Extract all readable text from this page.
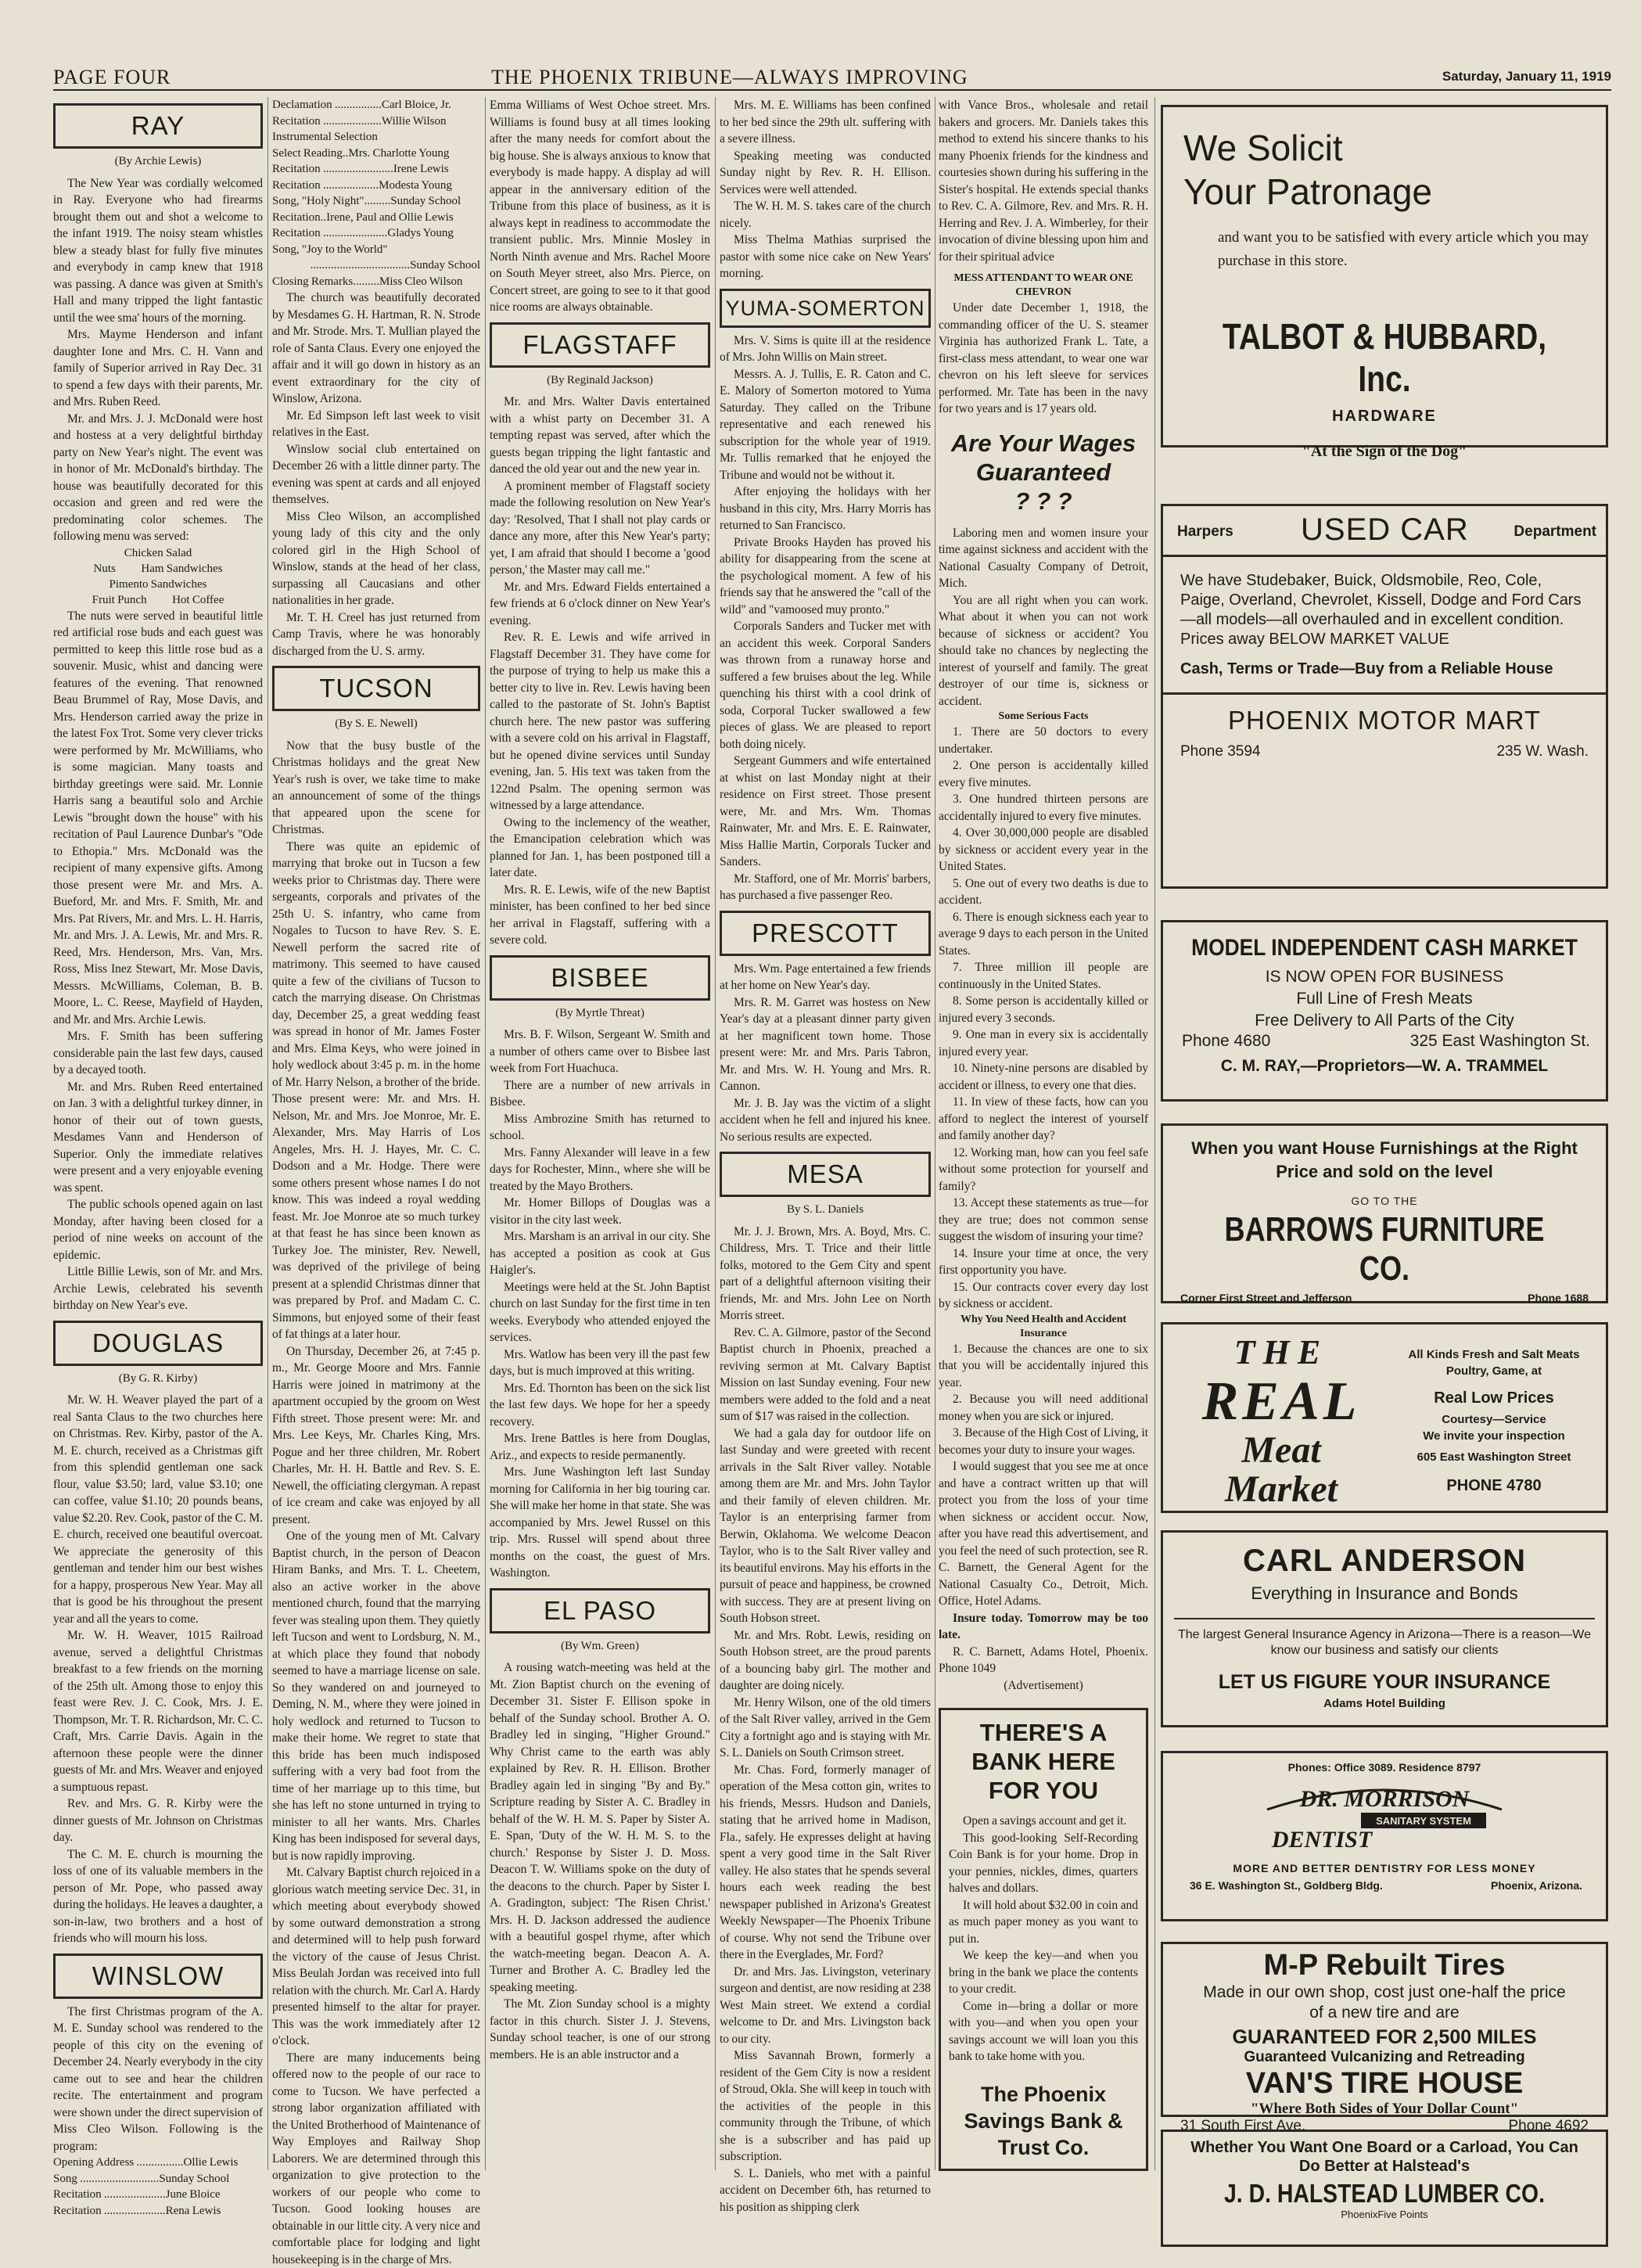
PAGE FOUR	THE PHOENIX TRIBUNE—ALWAYS IMPROVING	Saturday, January 11, 1919
RAY
(By Archie Lewis)

The New Year was cordially welcomed in Ray. Everyone who had firearms brought them out and shot a welcome to the infant 1919. The noisy steam whistles blew a steady blast for fully five minutes and everybody in camp knew that 1918 was passing. A dance was given at Smith's Hall and many tripped the light fantastic until the wee sma' hours of the morning.

Mrs. Mayme Henderson and infant daughter Ione and Mrs. C. H. Vann and family of Superior arrived in Ray Dec. 31 to spend a few days with their parents, Mr. and Mrs. Ruben Reed.

Mr. and Mrs. J. J. McDonald were host and hostess at a very delightful birthday party on New Year's night. The event was in honor of Mr. McDonald's birthday. The house was beautifully decorated for this occasion and green and red were the predominating color schemes. The following menu was served:

Chicken Salad
Nuts          Ham Sandwiches
Pimento Sandwiches
Fruit Punch          Hot Coffee

The nuts were served in beautiful little red artificial rose buds and each guest was permitted to keep this little rose bud as a souvenir. Music, whist and dancing were features of the evening. That renowned Beau Brummel of Ray, Mose Davis, and Mrs. Henderson carried away the prize in the latest Fox Trot. Some very clever tricks were performed by Mr. McWilliams, who is some magician. Many toasts and birthday greetings were said. Mr. Lonnie Harris sang a beautiful solo and Archie Lewis "brought down the house" with his recitation of Paul Laurence Dunbar's "Ode to Ethopia." Mrs. McDonald was the recipient of many expensive gifts. Among those present were Mr. and Mrs. A. Bueford, Mr. and Mrs. F. Smith, Mr. and Mrs. Pat Rivers, Mr. and Mrs. L. H. Harris, Mr. and Mrs. J. A. Lewis, Mr. and Mrs. R. Reed, Mrs. Henderson, Mrs. Van, Mrs. Ross, Miss Inez Stewart, Mr. Mose Davis, Messrs. McWilliams, Coleman, B. B. Moore, L. C. Reese, Mayfield of Hayden, and Mr. and Mrs. Archie Lewis.

Mrs. F. Smith has been suffering considerable pain the last few days, caused by a decayed tooth.

Mr. and Mrs. Ruben Reed entertained on Jan. 3 with a delightful turkey dinner, in honor of their out of town guests, Mesdames Vann and Henderson of Superior. Only the immediate relatives were present and a very enjoyable evening was spent.

The public schools opened again on last Monday, after having been closed for a period of nine weeks on account of the epidemic.

Little Billie Lewis, son of Mr. and Mrs. Archie Lewis, celebrated his seventh birthday on New Year's eve.

DOUGLAS
(By G. R. Kirby)

Mr. W. H. Weaver played the part of a real Santa Claus to the two churches here on Christmas. Rev. Kirby, pastor of the A. M. E. church, received as a Christmas gift from this splendid gentleman one sack flour, value $3.50; lard, value $3.10; one can coffee, value $1.10; 20 pounds beans, value $2.20. Rev. Cook, pastor of the C. M. E. church, received one beautiful overcoat. We appreciate the generosity of this gentleman and tender him our best wishes for a happy, prosperous New Year. May all that is good be his throughout the present year and all the years to come.

Mr. W. H. Weaver, 1015 Railroad avenue, served a delightful Christmas breakfast to a few friends on the morning of the 25th ult. Among those to enjoy this feast were Rev. J. C. Cook, Mrs. J. E. Thompson, Mr. T. R. Richardson, Mr. C. C. Craft, Mrs. Carrie Davis. Again in the afternoon these people were the dinner guests of Mr. and Mrs. Weaver and enjoyed a sumptuous repast.

Rev. and Mrs. G. R. Kirby were the dinner guests of Mr. Johnson on Christmas day.

The C. M. E. church is mourning the loss of one of its valuable members in the person of Mr. Pope, who passed away during the holidays. He leaves a daughter, a son-in-law, two brothers and a host of friends who will mourn his loss.

WINSLOW

The first Christmas program of the A. M. E. Sunday school was rendered to the people of this city on the evening of December 24. Nearly everybody in the city came out to see and hear the children recite. The entertainment and program were shown under the direct supervision of Miss Cleo Wilson. Following is the program:

Opening Address ................Ollie Lewis
Song ...........................Sunday School
Recitation .....................June Bloice
Recitation .....................Rena Lewis
Declamation ................Carl Bloice, Jr.
Recitation ....................Willie Wilson
Instrumental Selection
Select Reading..Mrs. Charlotte Young
Recitation ........................Irene Lewis
Recitation ...................Modesta Young
Song, "Holy Night".........Sunday School
Recitation..Irene, Paul and Ollie Lewis
Recitation ......................Gladys Young
Song, "Joy to the World"
..................................Sunday School
Closing Remarks.........Miss Cleo Wilson

The church was beautifully decorated by Mesdames G. H. Hartman, R. N. Strode and Mr. Strode. Mrs. T. Mullian played the role of Santa Claus. Every one enjoyed the affair and it will go down in history as an event extraordinary for the city of Winslow, Arizona.

Mr. Ed Simpson left last week to visit relatives in the East.

Winslow social club entertained on December 26 with a little dinner party. The evening was spent at cards and all enjoyed themselves.

Miss Cleo Wilson, an accomplished young lady of this city and the only colored girl in the High School of Winslow, stands at the head of her class, surpassing all Caucasians and other nationalities in her grade.

Mr. T. H. Creel has just returned from Camp Travis, where he was honorably discharged from the U. S. army.

TUCSON
(By S. E. Newell)

Now that the busy bustle of the Christmas holidays and the great New Year's rush is over, we take time to make an announcement of some of the things that appeared upon the scene for Christmas.

There was quite an epidemic of marrying that broke out in Tucson a few weeks prior to Christmas day. There were sergeants, corporals and privates of the 25th U. S. infantry, who came from Nogales to Tucson to have Rev. S. E. Newell perform the sacred rite of matrimony. This seemed to have caused quite a few of the civilians of Tucson to catch the marrying disease. On Christmas day, December 25, a great wedding feast was spread in honor of Mr. James Foster and Mrs. Elma Keys, who were joined in holy wedlock about 3:45 p. m. in the home of Mr. Harry Nelson, a brother of the bride. Those present were: Mr. and Mrs. H. Nelson, Mr. and Mrs. Joe Monroe, Mr. E. Alexander, Mrs. May Harris of Los Angeles, Mrs. H. J. Hayes, Mr. C. C. Dodson and a Mr. Hodge. There were some others present whose names I do not know. This was indeed a royal wedding feast. Mr. Joe Monroe ate so much turkey at that feast he has since been known as Turkey Joe. The minister, Rev. Newell, was deprived of the privilege of being present at a splendid Christmas dinner that was prepared by Prof. and Madam C. C. Simmons, but enjoyed some of their feast of fat things at a later hour.

On Thursday, December 26, at 7:45 p. m., Mr. George Moore and Mrs. Fannie Harris were joined in matrimony at the apartment occupied by the groom on West Fifth street. Those present were: Mr. and Mrs. Lee Keys, Mr. Charles King, Mrs. Pogue and her three children, Mr. Robert Charles, Mr. H. H. Battle and Rev. S. E. Newell, the officiating clergyman. A repast of ice cream and cake was enjoyed by all present.

One of the young men of Mt. Calvary Baptist church, in the person of Deacon Hiram Banks, and Mrs. T. L. Cheetem, also an active worker in the above mentioned church, found that the marrying fever was stealing upon them. They quietly left Tucson and went to Lordsburg, N. M., at which place they found that nobody seemed to have a marriage license on sale. So they wandered on and journeyed to Deming, N. M., where they were joined in holy wedlock and returned to Tucson to make their home. We regret to state that this bride has been much indisposed suffering with a very bad foot from the time of her marriage up to this time, but she has left no stone unturned in trying to minister to all her wants. Mrs. Charles King has been indisposed for several days, but is now rapidly improving.

Mt. Calvary Baptist church rejoiced in a glorious watch meeting service Dec. 31, in which meeting about everybody showed by some outward demonstration a strong and determined will to help push forward the victory of the cause of Jesus Christ. Miss Beulah Jordan was received into full relation with the church. Mr. Carl A. Hardy presented himself to the altar for prayer. This was the work immediately after 12 o'clock.

There are many inducements being offered now to the people of our race to come to Tucson. We have perfected a strong labor organization affiliated with the United Brotherhood of Maintenance of Way Employes and Railway Shop Laborers. We are determined through this organization to give protection to the workers of our people who come to Tucson. Good looking houses are obtainable in our little city. A very nice and comfortable place for lodging and light housekeeping is in the charge of Mrs.

Emma Williams of West Ochoe street. Mrs. Williams is found busy at all times looking after the many needs for comfort about the big house. She is always anxious to know that everybody is made happy. A display ad will appear in the anniversary edition of the Tribune from this place of business, as it is always kept in readiness to accommodate the transient public. Mrs. Minnie Mosley in North Ninth avenue and Mrs. Rachel Moore on South Meyer street, also Mrs. Pierce, on Concert street, are going to see to it that good nice rooms are always obtainable.

FLAGSTAFF
(By Reginald Jackson)

Mr. and Mrs. Walter Davis entertained with a whist party on December 31. A tempting repast was served, after which the guests began tripping the light fantastic and danced the old year out and the new year in.

A prominent member of Flagstaff society made the following resolution on New Year's day: 'Resolved, That I shall not play cards or dance any more, after this New Year's party; yet, I am afraid that should I become a 'good person,' the Master may call me."

Mr. and Mrs. Edward Fields entertained a few friends at 6 o'clock dinner on New Year's evening.

Rev. R. E. Lewis and wife arrived in Flagstaff December 31. They have come for the purpose of trying to help us make this a better city to live in. Rev. Lewis having been called to the pastorate of St. John's Baptist church here. The new pastor was suffering with a severe cold on his arrival in Flagstaff, but he opened divine services until Sunday evening, Jan. 5. His text was taken from the 122nd Psalm. The opening sermon was witnessed by a large attendance.

Owing to the inclemency of the weather, the Emancipation celebration which was planned for Jan. 1, has been postponed till a later date.

Mrs. R. E. Lewis, wife of the new Baptist minister, has been confined to her bed since her arrival in Flagstaff, suffering with a severe cold.

BISBEE
(By Myrtle Threat)

Mrs. B. F. Wilson, Sergeant W. Smith and a number of others came over to Bisbee last week from Fort Huachuca.

There are a number of new arrivals in Bisbee.

Miss Ambrozine Smith has returned to school.

Mrs. Fanny Alexander will leave in a few days for Rochester, Minn., where she will be treated by the Mayo Brothers.

Mr. Homer Billops of Douglas was a visitor in the city last week.

Mrs. Marsham is an arrival in our city. She has accepted a position as cook at Gus Haigler's.

Meetings were held at the St. John Baptist church on last Sunday for the first time in ten weeks. Everybody who attended enjoyed the services.

Mrs. Watlow has been very ill the past few days, but is much improved at this writing.

Mrs. Ed. Thornton has been on the sick list the last few days. We hope for her a speedy recovery.

Mrs. Irene Battles is here from Douglas, Ariz., and expects to reside permanently.

Mrs. June Washington left last Sunday morning for California in her big touring car. She will make her home in that state. She was accompanied by Mrs. Jewel Russel on this trip. Mrs. Russel will spend about three months on the coast, the guest of Mrs. Washington.

EL PASO
(By Wm. Green)

A rousing watch-meeting was held at the Mt. Zion Baptist church on the evening of December 31. Sister F. Ellison spoke in behalf of the Sunday school. Brother A. O. Bradley led in singing, "Higher Ground." Why Christ came to the earth was ably explained by Rev. R. H. Ellison. Brother Bradley again led in singing "By and By." Scripture reading by Sister A. C. Bradley in behalf of the W. H. M. S. Paper by Sister A. E. Span, 'Duty of the W. H. M. S. to the church.' Response by Sister J. D. Moss. Deacon T. W. Williams spoke on the duty of the deacons to the church. Paper by Sister I. A. Gradington, subject: 'The Risen Christ.' Mrs. H. D. Jackson addressed the audience with a beautiful gospel rhyme, after which the watch-meeting began. Deacon A. A. Turner and Brother A. C. Bradley led the speaking meeting.

The Mt. Zion Sunday school is a mighty factor in this church. Sister J. J. Stevens, Sunday school teacher, is one of our strong members. He is an able instructor and a

Mrs. M. E. Williams has been confined to her bed since the 29th ult. suffering with a severe illness.

Speaking meeting was conducted Sunday night by Rev. R. H. Ellison. Services were well attended.

The W. H. M. S. takes care of the church nicely.

Miss Thelma Mathias surprised the pastor with some nice cake on New Years' morning.

YUMA-SOMERTON

Mrs. V. Sims is quite ill at the residence of Mrs. John Willis on Main street.

Messrs. A. J. Tullis, E. R. Caton and C. E. Malory of Somerton motored to Yuma Saturday. They called on the Tribune representative and each renewed his subscription for the whole year of 1919. Mr. Tullis remarked that he enjoyed the Tribune and would not be without it.

After enjoying the holidays with her husband in this city, Mrs. Harry Morris has returned to San Francisco.

Private Brooks Hayden has proved his ability for disappearing from the scene at the psychological moment. A few of his friends say that he answered the "call of the wild" and "vamoosed muy pronto."

Corporals Sanders and Tucker met with an accident this week. Corporal Sanders was thrown from a runaway horse and suffered a few bruises about the leg. While quenching his thirst with a cool drink of soda, Corporal Tucker swallowed a few pieces of glass. We are pleased to report both doing nicely.

Sergeant Gummers and wife entertained at whist on last Monday night at their residence on First street. Those present were, Mr. and Mrs. Wm. Thomas Rainwater, Mr. and Mrs. E. E. Rainwater, Miss Hallie Martin, Corporals Tucker and Sanders.

Mr. Stafford, one of Mr. Morris' barbers, has purchased a five passenger Reo.

PRESCOTT

Mrs. Wm. Page entertained a few friends at her home on New Year's day.

Mrs. R. M. Garret was hostess on New Year's day at a pleasant dinner party given at her magnificent town home. Those present were: Mr. and Mrs. Paris Tabron, Mr. and Mrs. W. H. Young and Mrs. R. Cannon.

Mr. J. B. Jay was the victim of a slight accident when he fell and injured his knee. No serious results are expected.

MESA
By S. L. Daniels

Mr. J. J. Brown, Mrs. A. Boyd, Mrs. C. Childress, Mrs. T. Trice and their little folks, motored to the Gem City and spent part of a delightful afternoon visiting their friends, Mr. and Mrs. John Lee on North Morris street.

Rev. C. A. Gilmore, pastor of the Second Baptist church in Phoenix, preached a reviving sermon at Mt. Calvary Baptist Mission on last Sunday evening. Four new members were added to the fold and a neat sum of $17 was raised in the collection.

We had a gala day for outdoor life on last Sunday and were greeted with recent arrivals in the Salt River valley. Notable among them are Mr. and Mrs. John Taylor and their family of eleven children. Mr. Taylor is an enterprising farmer from Berwin, Oklahoma. We welcome Deacon Taylor, who is to the Salt River valley and its beautiful environs. May his efforts in the pursuit of peace and happiness, be crowned with success. They are at present living on South Hobson street.

Mr. and Mrs. Robt. Lewis, residing on South Hobson street, are the proud parents of a bouncing baby girl. The mother and daughter are doing nicely.

Mr. Henry Wilson, one of the old timers of the Salt River valley, arrived in the Gem City a fortnight ago and is staying with Mr. S. L. Daniels on South Crimson street.

Mr. Chas. Ford, formerly manager of operation of the Mesa cotton gin, writes to his friends, Messrs. Hudson and Daniels, stating that he arrived home in Madison, Fla., safely. He expresses delight at having spent a very good time in the Salt River valley. He also states that he spends several hours each week reading the best newspaper published in Arizona's Greatest Weekly Newspaper—The Phoenix Tribune of course. Why not send the Tribune over there in the Everglades, Mr. Ford?

Dr. and Mrs. Jas. Livingston, veterinary surgeon and dentist, are now residing at 238 West Main street. We extend a cordial welcome to Dr. and Mrs. Livingston back to our city.

Miss Savannah Brown, formerly a resident of the Gem City is now a resident of Stroud, Okla. She will keep in touch with the activities of the people in this community through the Tribune, of which she is a subscriber and has paid up subscription.

S. L. Daniels, who met with a painful accident on December 6th, has returned to his position as shipping clerk

with Vance Bros., wholesale and retail bakers and grocers. Mr. Daniels takes this method to extend his sincere thanks to his many Phoenix friends for the kindness and courtesies shown during his suffering in the Sister's hospital. He extends special thanks to Rev. C. A. Gilmore, Rev. and Mrs. R. H. Herring and Rev. J. A. Wimberley, for their invocation of divine blessing upon him and for their spiritual advice

MESS ATTENDANT TO WEAR ONE CHEVRON

Under date December 1, 1918, the commanding officer of the U. S. steamer Virginia has authorized Frank L. Tate, a first-class mess attendant, to wear one war chevron on his left sleeve for services performed. Mr. Tate has been in the navy for two years and is 17 years old.

Are Your Wages
Guaranteed
? ? ?

Laboring men and women insure your time against sickness and accident with the National Casualty Company of Detroit, Mich.

You are all right when you can work. What about it when you can not work because of sickness or accident? You should take no chances by neglecting the interest of yourself and family. The great destroyer of our time is, sickness or accident.

Some Serious Facts

1. There are 50 doctors to every undertaker.

2. One person is accidentally killed every five minutes.

3. One hundred thirteen persons are accidentally injured to every five minutes.

4. Over 30,000,000 people are disabled by sickness or accident every year in the United States.

5. One out of every two deaths is due to accident.

6. There is enough sickness each year to average 9 days to each person in the United States.

7. Three million ill people are continuously in the United States.

8. Some person is accidentally killed or injured every 3 seconds.

9. One man in every six is accidentally injured every year.

10. Ninety-nine persons are disabled by accident or illness, to every one that dies.

11. In view of these facts, how can you afford to neglect the interest of yourself and family another day?

12. Working man, how can you feel safe without some protection for yourself and family?

13. Accept these statements as true—for they are true; does not common sense suggest the wisdom of insuring your time?

14. Insure your time at once, the very first opportunity you have.

15. Our contracts cover every day lost by sickness or accident.

Why You Need Health and Accident Insurance

1. Because the chances are one to six that you will be accidentally injured this year.

2. Because you will need additional money when you are sick or injured.

3. Because of the High Cost of Living, it becomes your duty to insure your wages.

I would suggest that you see me at once and have a contract written up that will protect you from the loss of your time when sickness or accident occur. Now, after you have read this advertisement, and you feel the need of such protection, see R. C. Barnett, the General Agent for the National Casualty Co., Detroit, Mich. Office, Hotel Adams.

Insure today. Tomorrow may be too late.

R. C. Barnett, Adams Hotel, Phoenix. Phone 1049

(Advertisement)
THERE'S A BANK HERE FOR YOU

Open a savings account and get it.

This good-looking Self-Recording Coin Bank is for your home. Drop in your pennies, nickles, dimes, quarters halves and dollars.

It will hold about $32.00 in coin and as much paper money as you want to put in.

We keep the key—and when you bring in the bank we place the contents to your credit.

Come in—bring a dollar or more with you—and when you open your savings account we will loan you this bank to take home with you.

The Phoenix Savings Bank & Trust Co.
We Solicit
Your Patronage
and want you to be satisfied with every article which you may purchase in this store.
TALBOT & HUBBARD, Inc.
HARDWARE
"At the Sign of the Dog"
Harpers USED CAR	Department
We have Studebaker, Buick, Oldsmobile, Reo, Cole, Paige, Overland, Chevrolet, Kissell, Dodge and Ford Cars—all models—all overhauled and in excellent condition. Prices away BELOW MARKET VALUE
Cash, Terms or Trade—Buy from a Reliable House
PHOENIX MOTOR MART
Phone 3594	235 W. Wash.
MODEL INDEPENDENT CASH MARKET
IS NOW OPEN FOR BUSINESS
Full Line of Fresh Meats
Free Delivery to All Parts of the City
Phone 4680	325 East Washington St.
C. M. RAY,—Proprietors—W. A. TRAMMEL
When you want House Furnishings at the Right
Price and sold on the level
GO TO THE
BARROWS FURNITURE CO.
Corner First Street and Jefferson	Phone 1688
THE
REAL
Meat
Market
All Kinds Fresh and Salt Meats
Poultry, Game, at
Real Low Prices
Courtesy—Service
We invite your inspection
605 East Washington Street
PHONE 4780
CARL ANDERSON
Everything in Insurance and Bonds
The largest General Insurance Agency in Arizona—There is a reason—We know our business and satisfy our clients
LET US FIGURE YOUR INSURANCE
Adams Hotel Building
Phones: Office 3089. Residence 8797
DR. MORRISON
SANITARY SYSTEM
DENTIST
MORE AND BETTER DENTISTRY FOR LESS MONEY
36 E. Washington St., Goldberg Bldg.	Phoenix, Arizona.
M-P Rebuilt Tires
Made in our own shop, cost just one-half the price
of a new tire and are
GUARANTEED FOR 2,500 MILES
Guaranteed Vulcanizing and Retreading
VAN'S TIRE HOUSE
"Where Both Sides of Your Dollar Count"
31 South First Ave.	Phone 4692
Whether You Want One Board or a Carload, You Can
Do Better at Halstead's
J. D. HALSTEAD LUMBER CO.
PhoenixFive Points
